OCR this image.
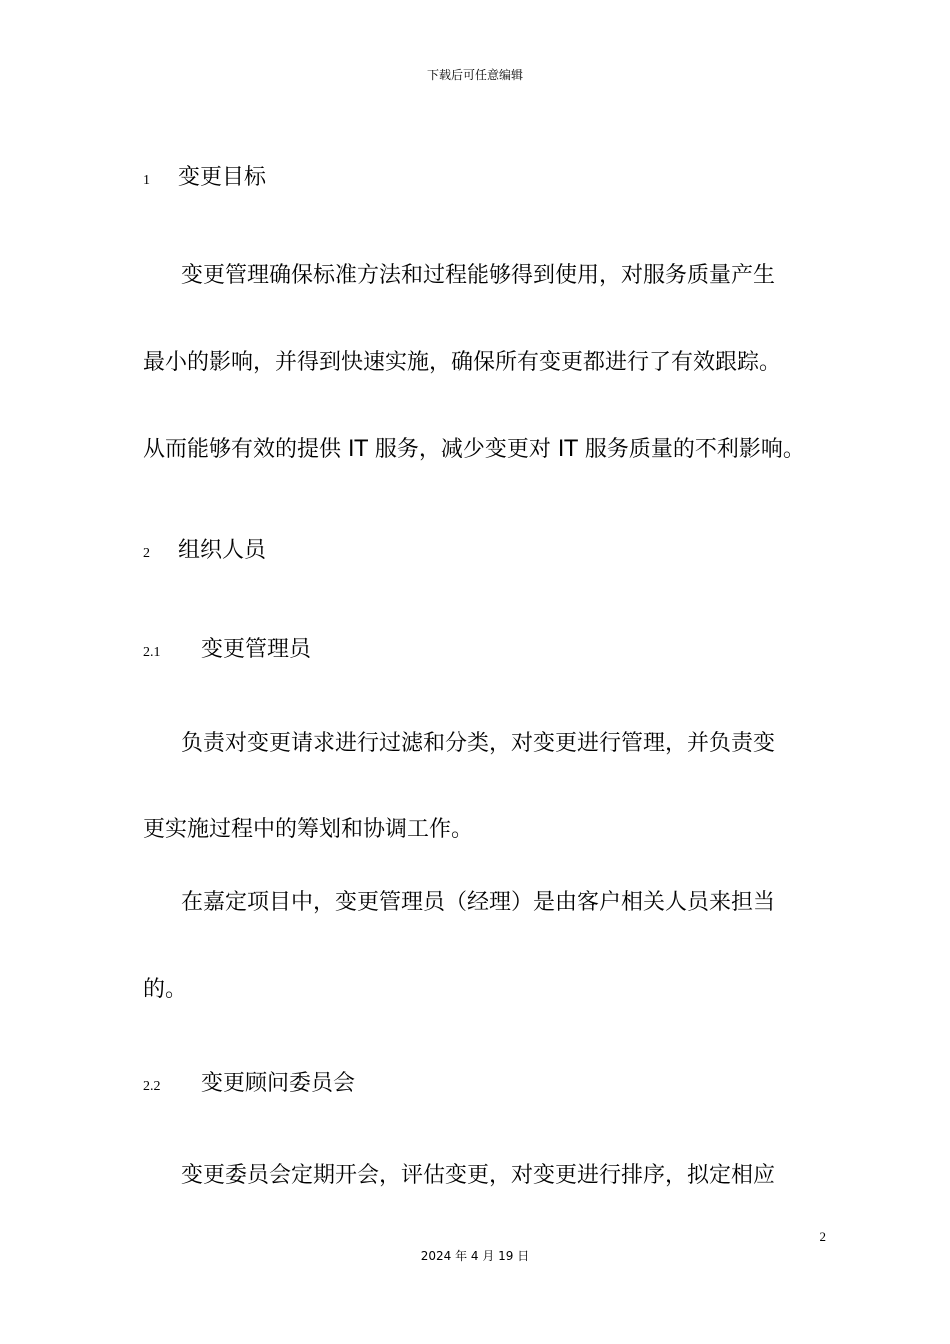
下载后可任意编辑
1 变更目标
变更管理确保标准方法和过程能够得到使用，对服务质量产生
最小的影响，并得到快速实施，确保所有变更都进行了有效跟踪。
从而能够有效的提供 IT 服务，减少变更对 IT 服务质量的不利影响。
2 组织人员
2.1 变更管理员
负责对变更请求进行过滤和分类，对变更进行管理，并负责变
更实施过程中的筹划和协调工作。
在嘉定项目中，变更管理员（经理）是由客户相关人员来担当
的。
2.2 变更顾问委员会
变更委员会定期开会，评估变更，对变更进行排序，拟定相应
2
2024 年 4 月 19 日
